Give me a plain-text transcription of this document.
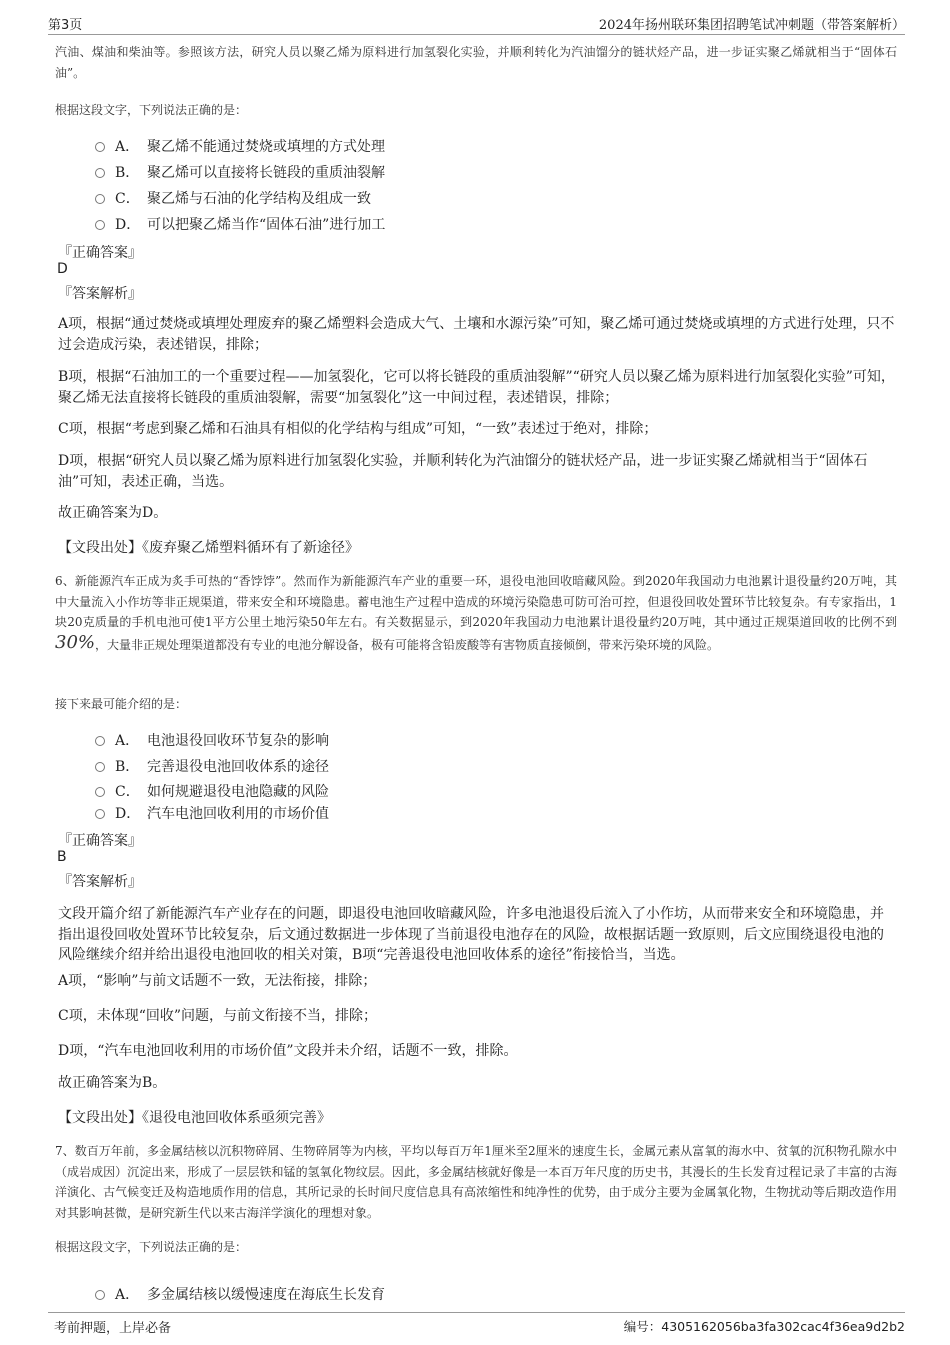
第3页	2024年扬州联环集团招聘笔试冲刺题（带答案解析）
汽油、煤油和柴油等。参照该方法，研究人员以聚乙烯为原料进行加氢裂化实验，并顺利转化为汽油馏分的链状烃产品，进一步证实聚乙烯就相当于“固体石油”。
根据这段文字，下列说法正确的是：
A． 聚乙烯不能通过焚烧或填埋的方式处理
B． 聚乙烯可以直接将长链段的重质油裂解
C． 聚乙烯与石油的化学结构及组成一致
D． 可以把聚乙烯当作“固体石油”进行加工
『正确答案』
D
『答案解析』
A项，根据“通过焚烧或填埋处理废弃的聚乙烯塑料会造成大气、土壤和水源污染”可知，聚乙烯可通过焚烧或填埋的方式进行处理，只不过会造成污染，表述错误，排除；
B项，根据“石油加工的一个重要过程——加氢裂化，它可以将长链段的重质油裂解”“研究人员以聚乙烯为原料进行加氢裂化实验”可知，聚乙烯无法直接将长链段的重质油裂解，需要“加氢裂化”这一中间过程，表述错误，排除；
C项，根据“考虑到聚乙烯和石油具有相似的化学结构与组成”可知，“一致”表述过于绝对，排除；
D项，根据“研究人员以聚乙烯为原料进行加氢裂化实验，并顺利转化为汽油馏分的链状烃产品，进一步证实聚乙烯就相当于“固体石油”可知，表述正确，当选。
故正确答案为D。
【文段出处】《废弃聚乙烯塑料循环有了新途径》
6、新能源汽车正成为炙手可热的“香饽饽”。然而作为新能源汽车产业的重要一环，退役电池回收暗藏风险。到2020年我国动力电池累计退役量约20万吨，其中大量流入小作坊等非正规渠道，带来安全和环境隐患。蓄电池生产过程中造成的环境污染隐患可防可治可控，但退役回收处置环节比较复杂。有专家指出，1块20克质量的手机电池可使1平方公里土地污染50年左右。有关数据显示，到2020年我国动力电池累计退役量约20万吨，其中通过正规渠道回收的比例不到30%，大量非正规处理渠道都没有专业的电池分解设备，极有可能将含铅废酸等有害物质直接倾倒，带来污染环境的风险。
接下来最可能介绍的是：
A． 电池退役回收环节复杂的影响
B． 完善退役电池回收体系的途径
C． 如何规避退役电池隐藏的风险
D． 汽车电池回收利用的市场价值
『正确答案』
B
『答案解析』
文段开篇介绍了新能源汽车产业存在的问题，即退役电池回收暗藏风险，许多电池退役后流入了小作坊，从而带来安全和环境隐患，并指出退役回收处置环节比较复杂，后文通过数据进一步体现了当前退役电池存在的风险，故根据话题一致原则，后文应围绕退役电池的风险继续介绍并给出退役电池回收的相关对策，B项“完善退役电池回收体系的途径”衔接恰当，当选。
A项，“影响”与前文话题不一致，无法衔接，排除；
C项，未体现“回收”问题，与前文衔接不当，排除；
D项，“汽车电池回收利用的市场价值”文段并未介绍，话题不一致，排除。
故正确答案为B。
【文段出处】《退役电池回收体系亟须完善》
7、数百万年前，多金属结核以沉积物碎屑、生物碎屑等为内核，平均以每百万年1厘米至2厘米的速度生长，金属元素从富氧的海水中、贫氧的沉积物孔隙水中（成岩成因）沉淀出来，形成了一层层铁和锰的氢氧化物纹层。因此，多金属结核就好像是一本百万年尺度的历史书，其漫长的生长发育过程记录了丰富的古海洋演化、古气候变迁及构造地质作用的信息，其所记录的长时间尺度信息具有高浓缩性和纯净性的优势，由于成分主要为金属氧化物，生物扰动等后期改造作用对其影响甚微，是研究新生代以来古海洋学演化的理想对象。
根据这段文字，下列说法正确的是：
A． 多金属结核以缓慢速度在海底生长发育
考前押题，上岸必备	编号：4305162056ba3fa302cac4f36ea9d2b2
